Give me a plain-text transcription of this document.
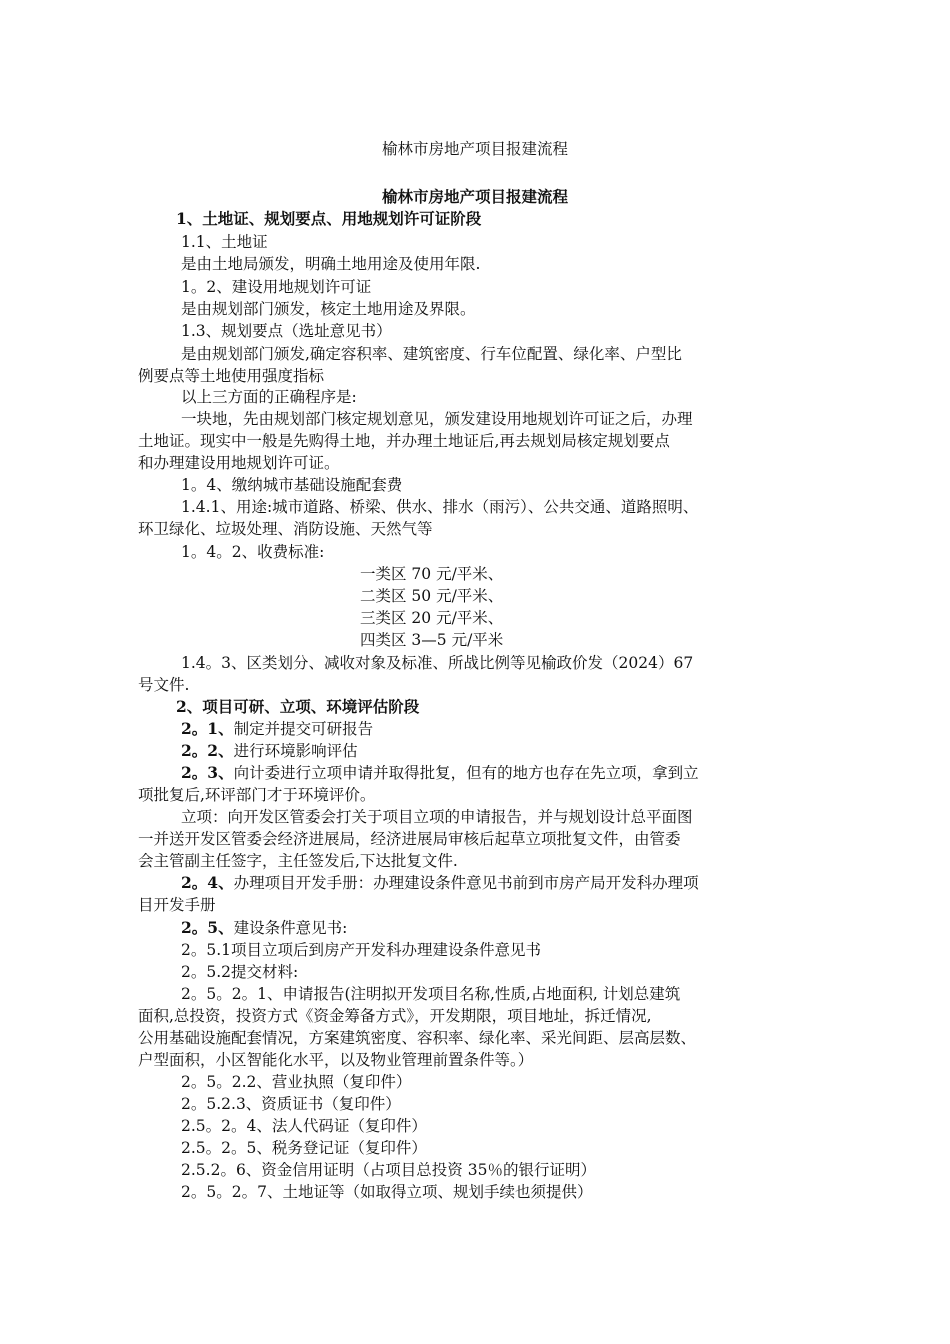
榆林市房地产项目报建流程
榆林市房地产项目报建流程
1、土地证、规划要点、用地规划许可证阶段
1.1、土地证
是由土地局颁发，明确土地用途及使用年限.
1。2、建设用地规划许可证
是由规划部门颁发，核定土地用途及界限。
1.3、规划要点（选址意见书）
是由规划部门颁发,确定容积率、建筑密度、行车位配置、绿化率、户型比
例要点等土地使用强度指标
以上三方面的正确程序是:
一块地，先由规划部门核定规划意见，颁发建设用地规划许可证之后，办理
土地证。现实中一般是先购得土地，并办理土地证后,再去规划局核定规划要点
和办理建设用地规划许可证。
1。4、缴纳城市基础设施配套费
1.4.1、用途:城市道路、桥梁、供水、排水（雨污）、公共交通、道路照明、
环卫绿化、垃圾处理、消防设施、天然气等
1。4。2、收费标准:
一类区 70 元/平米、
二类区 50 元/平米、
三类区 20 元/平米、
四类区 3—5 元/平米
1.4。3、区类划分、减收对象及标准、所战比例等见榆政价发（2024）67
号文件.
2、项目可研、立项、环境评估阶段
2。1、制定并提交可研报告
2。2、进行环境影响评估
2。3、向计委进行立项申请并取得批复，但有的地方也存在先立项，拿到立
项批复后,环评部门才于环境评价。
立项：向开发区管委会打关于项目立项的申请报告，并与规划设计总平面图
一并送开发区管委会经济进展局，经济进展局审核后起草立项批复文件，由管委
会主管副主任签字，主任签发后,下达批复文件.
2。4、办理项目开发手册：办理建设条件意见书前到市房产局开发科办理项
目开发手册
2。5、建设条件意见书:
2。5.1项目立项后到房产开发科办理建设条件意见书
2。5.2提交材料:
2。5。2。1、申请报告(注明拟开发项目名称,性质,占地面积, 计划总建筑
面积,总投资，投资方式《资金筹备方式》，开发期限，项目地址，拆迁情况,
公用基础设施配套情况，方案建筑密度、容积率、绿化率、采光间距、层高层数、
户型面积，小区智能化水平，以及物业管理前置条件等。）
2。5。2.2、营业执照（复印件）
2。5.2.3、资质证书（复印件）
2.5。2。4、法人代码证（复印件）
2.5。2。5、税务登记证（复印件）
2.5.2。6、资金信用证明（占项目总投资 35％的银行证明）
2。5。2。7、土地证等（如取得立项、规划手续也须提供）
